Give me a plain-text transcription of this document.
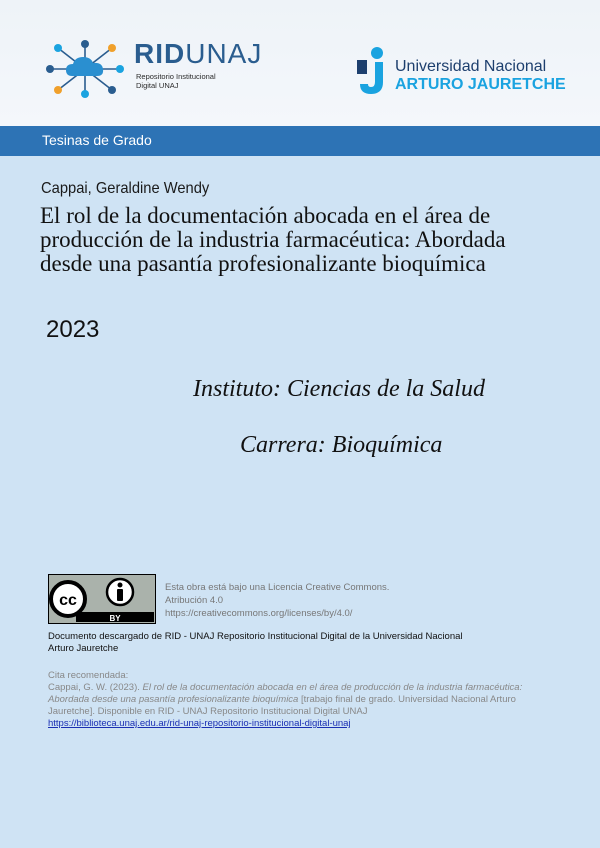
RIDUNAJ
Repositorio Institucional
Digital UNAJ
Universidad Nacional
ARTURO JAURETCHE
Tesinas de Grado
Cappai, Geraldine Wendy
El rol de la documentación abocada en el área de producción de la industria farmacéutica: Abordada desde una pasantía profesionalizante bioquímica
2023
Instituto: Ciencias de la Salud
Carrera: Bioquímica
cc
BY
Esta obra está bajo una Licencia Creative Commons.
Atribución 4.0
https://creativecommons.org/licenses/by/4.0/
Documento descargado de RID - UNAJ Repositorio Institucional Digital de la Universidad Nacional Arturo Jauretche
Cita recomendada:
Cappai, G. W. (2023). El rol de la documentación abocada en el área de producción de la industria farmacéutica: Abordada desde una pasantía profesionalizante bioquímica [trabajo final de grado. Universidad Nacional Arturo Jauretche]. Disponible en RID - UNAJ Repositorio Institucional Digital UNAJ
https://biblioteca.unaj.edu.ar/rid-unaj-repositorio-institucional-digital-unaj
